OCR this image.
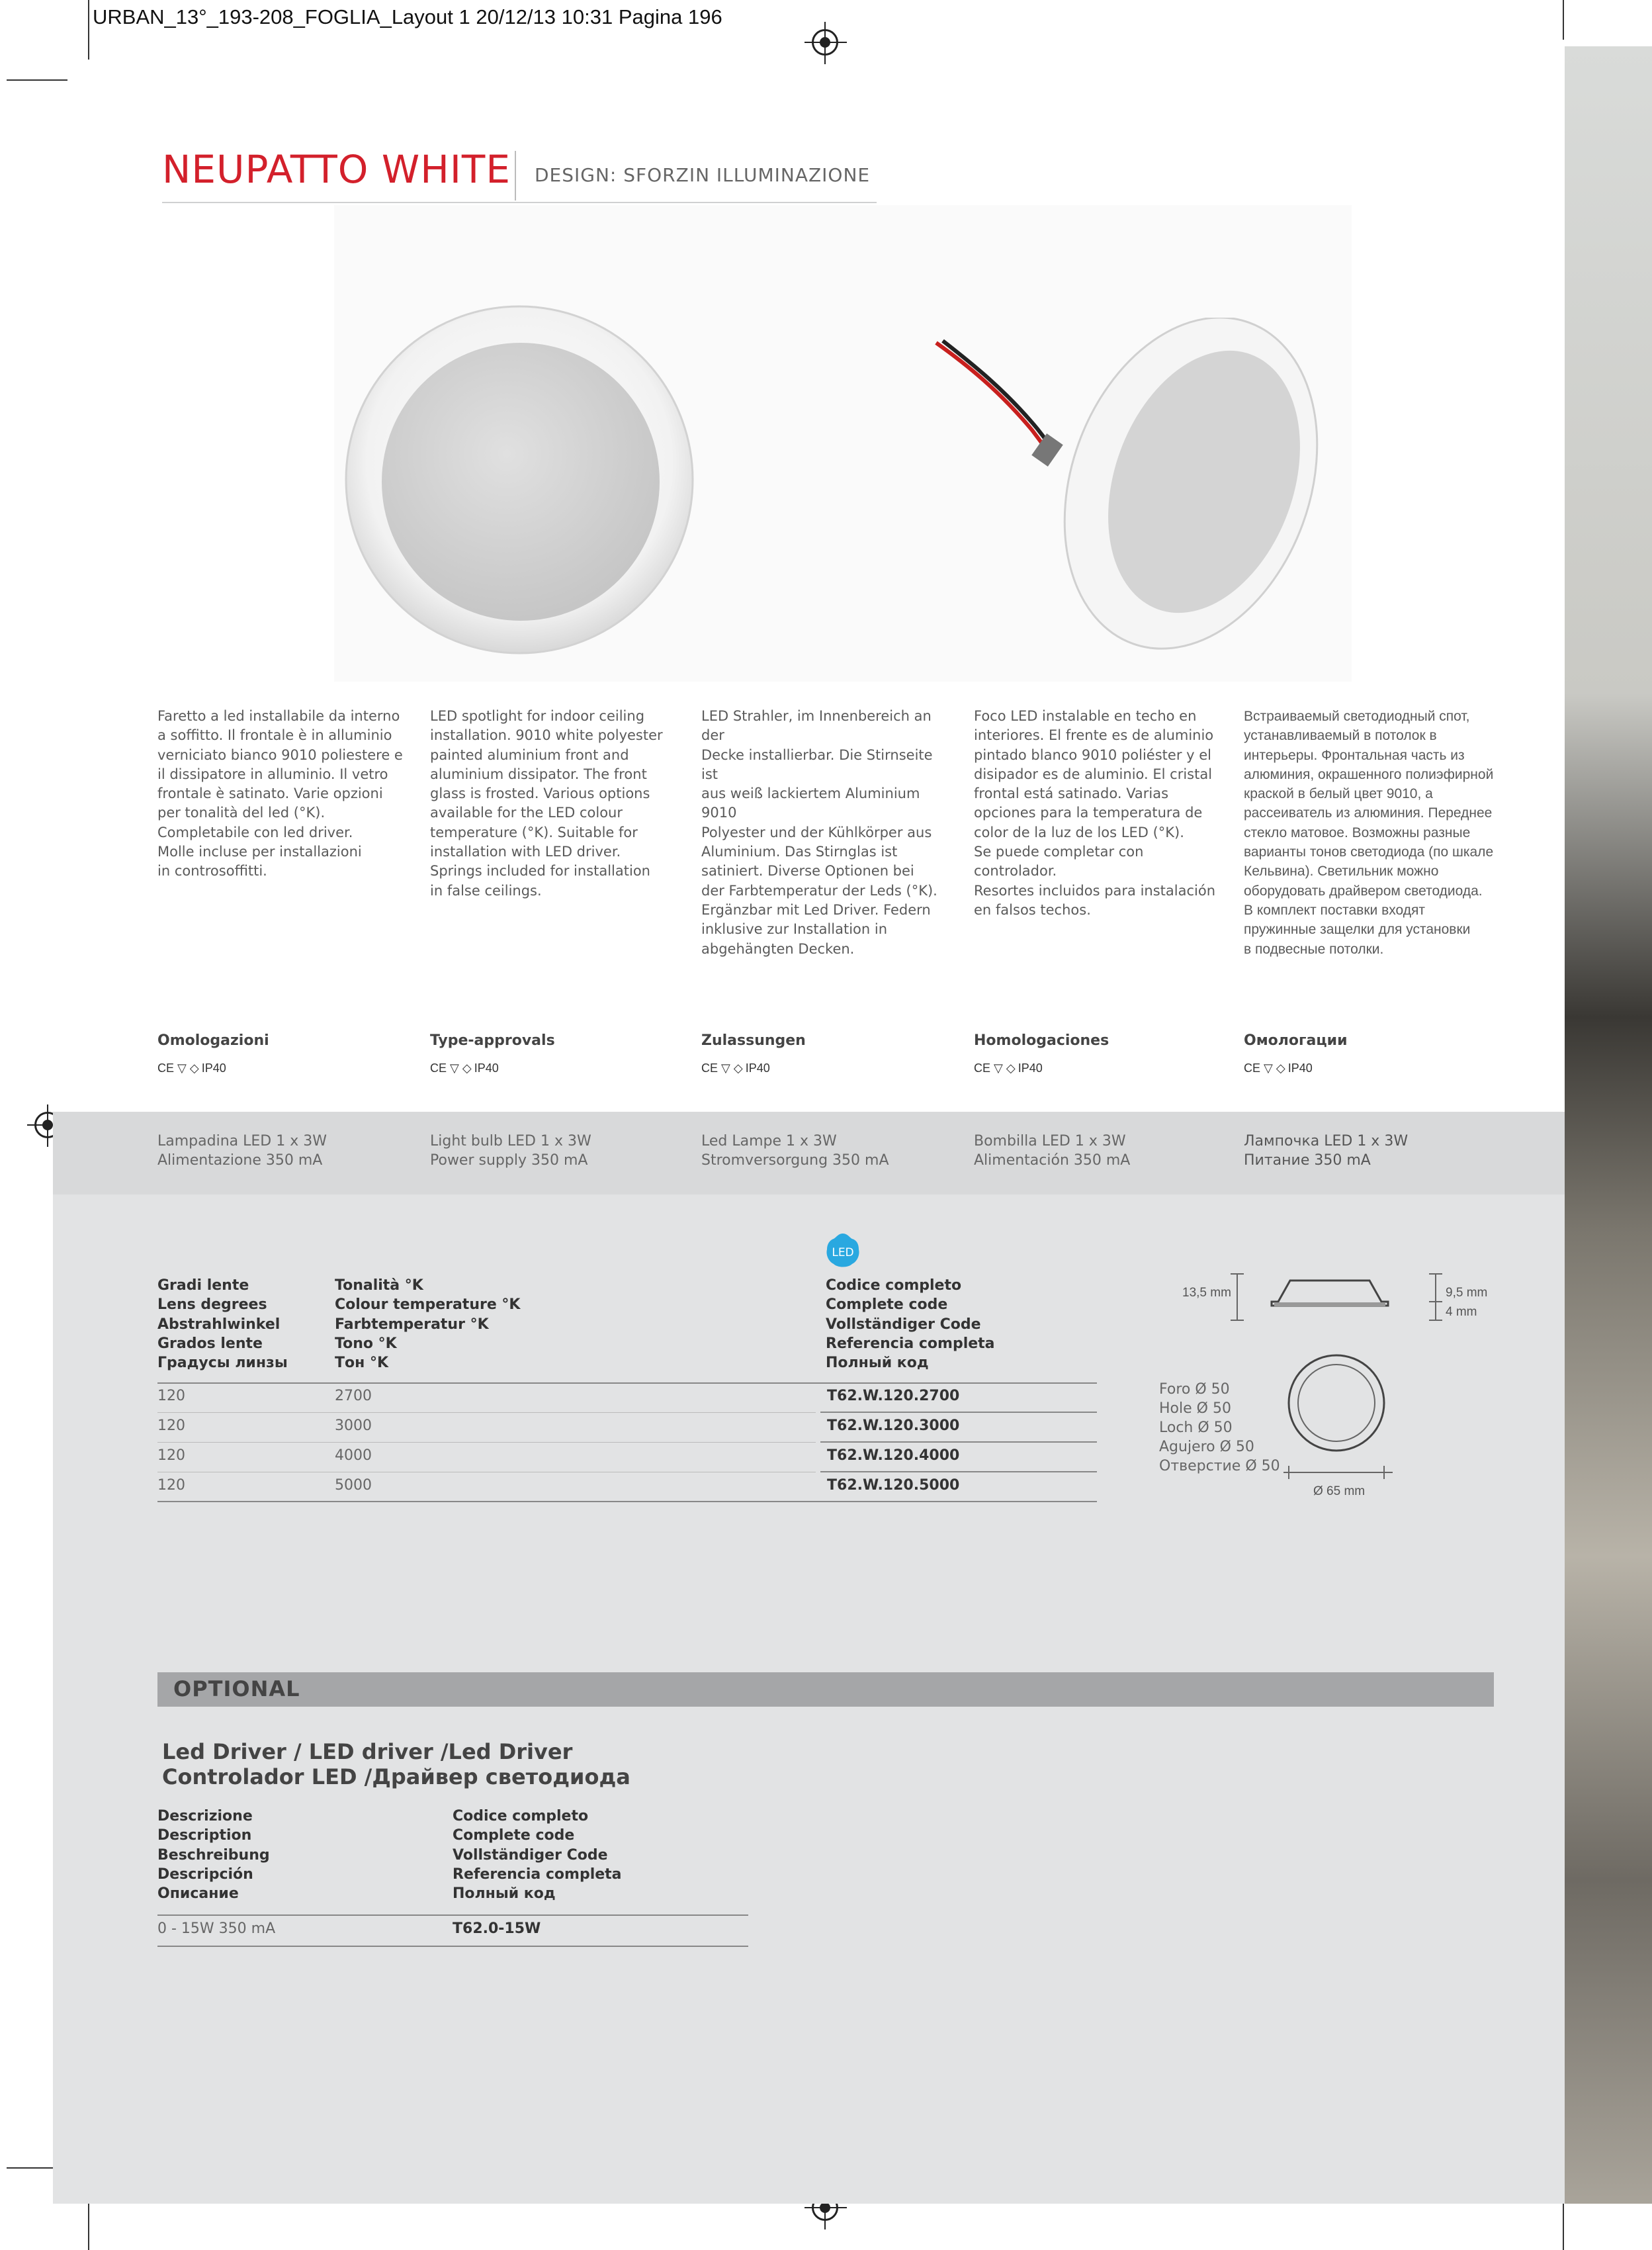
URBAN_13°_193-208_FOGLIA_Layout 1 20/12/13 10:31 Pagina 196
NEUPATTO WHITE DESIGN: SFORZIN ILLUMINAZIONE
Faretto a led installabile da interno
a soffitto. Il frontale è in alluminio
verniciato bianco 9010 poliestere e
il dissipatore in alluminio. Il vetro
frontale è satinato. Varie opzioni
per tonalità del led (°K).
Completabile con led driver.
Molle incluse per installazioni
in controsoffitti.
LED spotlight for indoor ceiling
installation. 9010 white polyester
painted aluminium front and
aluminium dissipator. The front
glass is frosted. Various options
available for the LED colour
temperature (°K). Suitable for
installation with LED driver.
Springs included for installation
in false ceilings.
LED Strahler, im Innenbereich an der
Decke installierbar. Die Stirnseite ist
aus weiß lackiertem Aluminium 9010
Polyester und der Kühlkörper aus
Aluminium. Das Stirnglas ist
satiniert. Diverse Optionen bei
der Farbtemperatur der Leds (°K).
Ergänzbar mit Led Driver. Federn
inklusive zur Installation in
abgehängten Decken.
Foco LED instalable en techo en
interiores. El frente es de aluminio
pintado blanco 9010 poliéster y el
disipador es de aluminio. El cristal
frontal está satinado. Varias
opciones para la temperatura de
color de la luz de los LED (°K).
Se puede completar con controlador.
Resortes incluidos para instalación
en falsos techos.
Встраиваемый светодиодный спот,
устанавливаемый в потолок в
интерьеры. Фронтальная часть из
алюминия, окрашенного полиэфирной
краской в белый цвет 9010, а
рассеиватель из алюминия. Переднее
стекло матовое. Возможны разные
варианты тонов светодиода (по шкале
Кельвина). Светильник можно
оборудовать драйвером светодиода.
В комплект поставки входят
пружинные защелки для установки
в подвесные потолки.
Omologazioni	Type-approvals	Zulassungen	Homologaciones	Омологации
CE ▽ ◇ IP40	CE ▽ ◇ IP40	CE ▽ ◇ IP40	CE ▽ ◇ IP40	CE ▽ ◇ IP40
Lampadina LED 1 x 3W
Alimentazione 350 mA
Light bulb LED 1 x 3W
Power supply 350 mA
Led Lampe 1 x 3W
Stromversorgung 350 mA
Bombilla LED 1 x 3W
Alimentación 350 mA
Лампочка LED 1 x 3W
Питание 350 mA
LED
Gradi lente
Lens degrees
Abstrahlwinkel
Grados lente
Градусы линзы
Tonalità °K
Colour temperature °K
Farbtemperatur °K
Tono °K
Тон °K
Codice completo
Complete code
Vollständiger Code
Referencia completa
Полный код
120	2700	T62.W.120.2700
120	3000	T62.W.120.3000
120	4000	T62.W.120.4000
120	5000	T62.W.120.5000
13,5 mm	9,5 mm
4 mm
Ø 65 mm
Foro Ø 50
Hole Ø 50
Loch Ø 50
Agujero Ø 50
Отверстие Ø 50
OPTIONAL
Led Driver / LED driver /Led Driver
Controlador LED /Драйвер светодиода
Descrizione
Description
Beschreibung
Descripción
Описание
Codice completo
Complete code
Vollständiger Code
Referencia completa
Полный код
0 - 15W 350 mA	T62.0-15W
